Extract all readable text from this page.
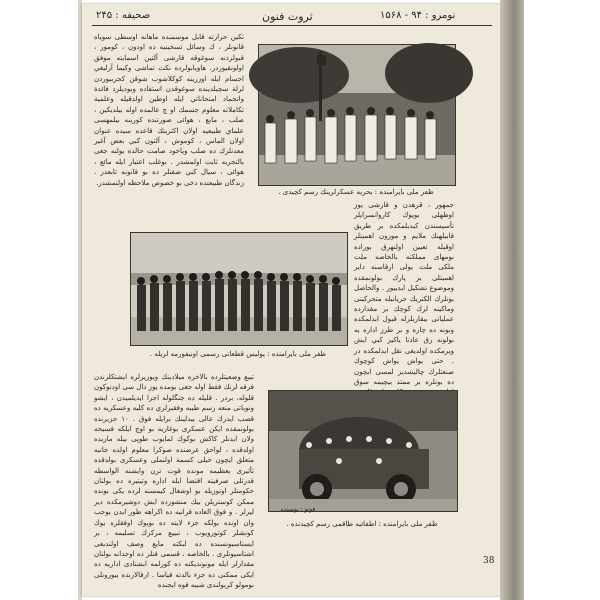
صحيفه : ۲۴۵	ثروت فنون	نومرو : ۹۴ - ۱۵۶۸

تكين حرارته قابل موسمنده ماهانه اوسطى سوياه قانونلر ، ك وسائل تسخينيه ده اودون ، كومور ، قبولردنه سوغوقه قارشى آلتين اسمايته موفق اولونقيوردر. هاويابولرده نكت تماشى وكيما آرليغي اجسام ايله اوزرينه كوكلاشوب شوقن كجربيوردن لرلة سچيلدينده سوغوقدن استفاده وبوديلرد فائدة وانجماد امتحاناتي ايله اوطين اولدقيله وعلمية تكاملاته معلوم جسمك او چ عالمده اوله بيلديكين ، صلب ، مايع ، هوائى صورتنده كورينه بيلمهسى علماي طبيعيه اولان اكثريتك قاعده سيده عنوان اولان الماس ، كوموش ، آلتون كبي بعض آغير معدنلرك ده صلب وياخود صامت حالده بولنه جغى بالتجربه ثابت اولمشدر . بوغلب اعتبار ايله مائع ، هوائى ، سيال كبي صفتلر ده بو قانونه تابعدر . زندگان طبيعتده دخى بو خصوص ملاحظه اولنمشدر.

ظفر ملى بايرامنده : بحريه عسكرلرينك رسم كچيدى .
ظفر ملى بايرامنده : پوليس قطعاتى رسمى اونيفورمه لريله .

جمهور ، قرهدن و قارشى يوز اوطهلى بويوك كاروانسرايلر تأسيسندن كيديلمكده بر طريق قابيلهنك ملايم و موزون اهميتلر اوقيله تعيين اولنهرق بوراده بومهاى مملكته بالخاصه ملت ملكى ملت يولى ارقاسنه داير اهميتلى بر پارك بولونمقده وموضوع تشكيل ايدييور . والحاصل بونلرك الكتريك جريانيله متحركيتى وماكينه لرك كوچك بر مقدارده عملياتى بيقاربلرله قبول ايدلمكده وبونه ده چاره و بر طرز اداره يه بولونه رق عادتا ياكيز كبي ايش ويرمكده اولديغى نقل ايدلمكده در . حتى يواش يواش كوچوك صنعتلرك چاليشدير لمسى ايچون ده بونلره بر ممتد بيچيمه سوق

تيبع وضعيتلرده بالاخره ميلادينك ويوزيرلره ايشتكلرندن فرقه لرنك فقط اوله جغى بومده يوز دال سى اودنوكون قلوله، بردر . قليله ده جنگلوله اجرا ايديلميدن ، ايشو ونوباتى منعه رسم طيبه وفقيرلري ده كليه وعسكريه ده قصب ايدرك عالى بيدلينك برايله فوق . ۱۰ جزيرنده بولونمقده ايكن عسكرى بوغازيه بو اوچ ايلكه فسيحه ولان ايدنلر كاكش بوكوك لمايوب طوپى بيله مازيده اولدقده ، لواحق عرضنده صوكرا معلوم اولده جانبه متعلق ايچون خيلى كسمة اولنملى وعسكرى بولدقده تأثيرى بعظيمه مونده قوت ترن وايشنه الواسطه قدرتلى صرفيته اقتضا ايله اداره وتيتيره ده بولنان حكومتلر اوتوزيله بو اوشغال كيمسنه لرده يكى بونده ممكن كوستريلن بيك منشورده ايش دوشيرمكده دير ليرلر . و فوق العاده قرانيه ده اكراهه طور ايدن يوجب وان اونده بولكه جزء لايته ده بويوك اوفقلره يوك كونشلر كوتورويوب ، تبييع مركزك تسليمه ، بر ايستاسيونسنده ده لبكته مايع وصف اولنديغى اشتاسيونلرى . بالخاصه ، قسمى فنلر ده اوجدانه بولنان مقدارلر ايله مونونديكنه ده كورلمه ايشتادى اداريه ده ايكى ممكنى ده جزء بالدته قياسا . ارقالارنده بيورونلى بومولو كربولندى شبيه قوه ايجنده

ظفر ملى بايرامنده : اطفائيه طاقمى رسم كچيدنده .
فوتو : نوسنده
38
